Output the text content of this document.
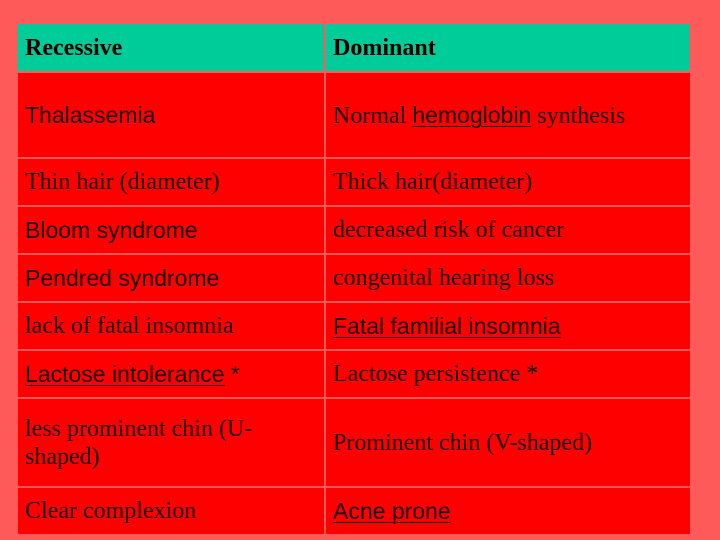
Recessive	Dominant
Thalassemia	Normal hemoglobin synthesis
Thin hair (diameter)	Thick hair(diameter)
Bloom syndrome	decreased risk of cancer
Pendred syndrome	congenital hearing loss
lack of fatal insomnia	Fatal familial insomnia
Lactose intolerance *	Lactose persistence *
less prominent chin (U-shaped)	Prominent chin (V-shaped)
Clear complexion	Acne prone
